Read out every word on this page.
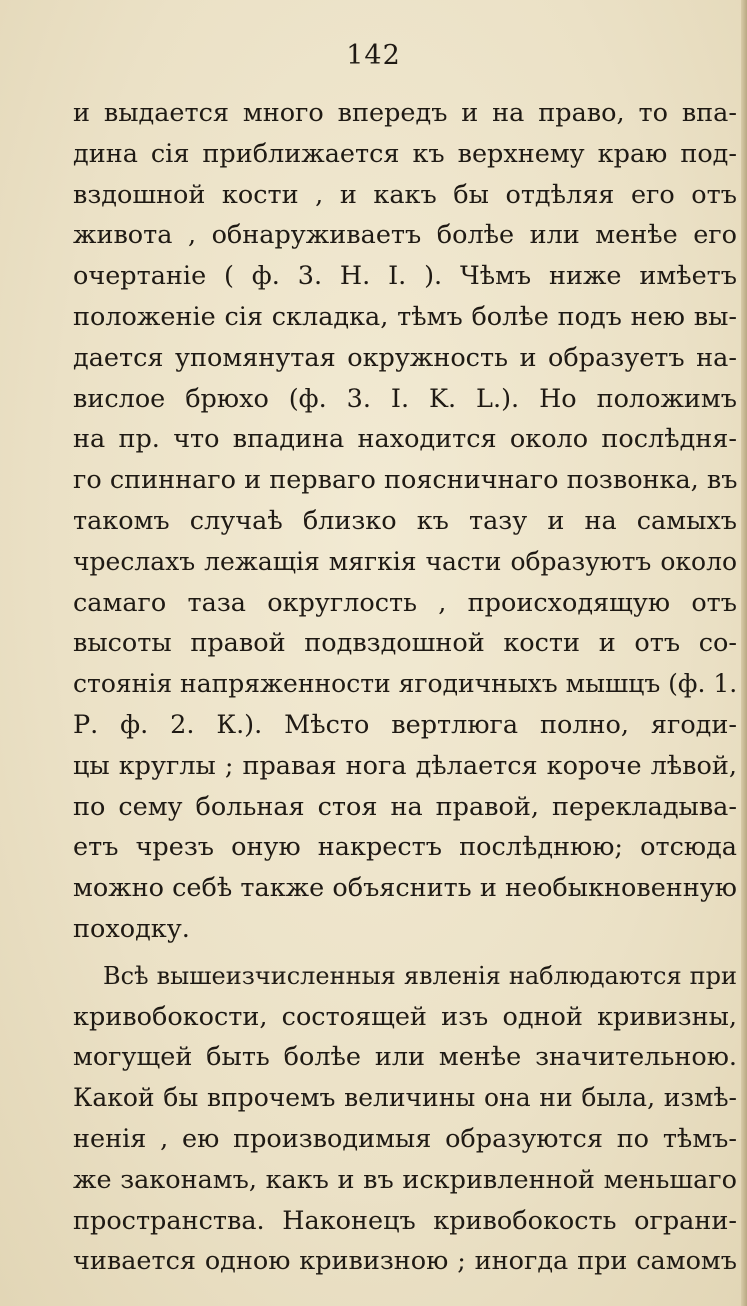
142
и выдается много впередъ и на право, то впа-
дина сія приближается къ верхнему краю под-
вздошной кости , и какъ бы отдѣляя его отъ
живота , обнаруживаетъ болѣе или менѣе его
очертаніе ( ф. 3. Н. I. ). Чѣмъ ниже имѣетъ
положеніе сія складка, тѣмъ болѣе подъ нею вы-
дается упомянутая окружность и образуетъ на-
вислое брюхо (ф. 3. I. K. L.). Но положимъ
на пр. что впадина находится около послѣдня-
го спиннаго и перваго поясничнаго позвонка, въ
такомъ случаѣ близко къ тазу и на самыхъ
чреслахъ лежащія мягкія части образуютъ около
самаго таза округлость , происходящую отъ
высоты правой подвздошной кости и отъ со-
стоянія напряженности ягодичныхъ мышцъ (ф. 1.
Р. ф. 2. К.). Мѣсто вертлюга полно, ягоди-
цы круглы ; правая нога дѣлается короче лѣвой,
по сему больная стоя на правой, перекладыва-
етъ чрезъ оную накрестъ послѣднюю; отсюда
можно себѣ также объяснить и необыкновенную
походку.
Всѣ вышеизчисленныя явленія наблюдаются при
кривобокости, состоящей изъ одной кривизны,
могущей быть болѣе или менѣе значительною.
Какой бы впрочемъ величины она ни была, измѣ-
ненія , ею производимыя образуются по тѣмъ-
же законамъ, какъ и въ искривленной меньшаго
пространства. Наконецъ кривобокость ограни-
чивается одною кривизною ; иногда при самомъ
